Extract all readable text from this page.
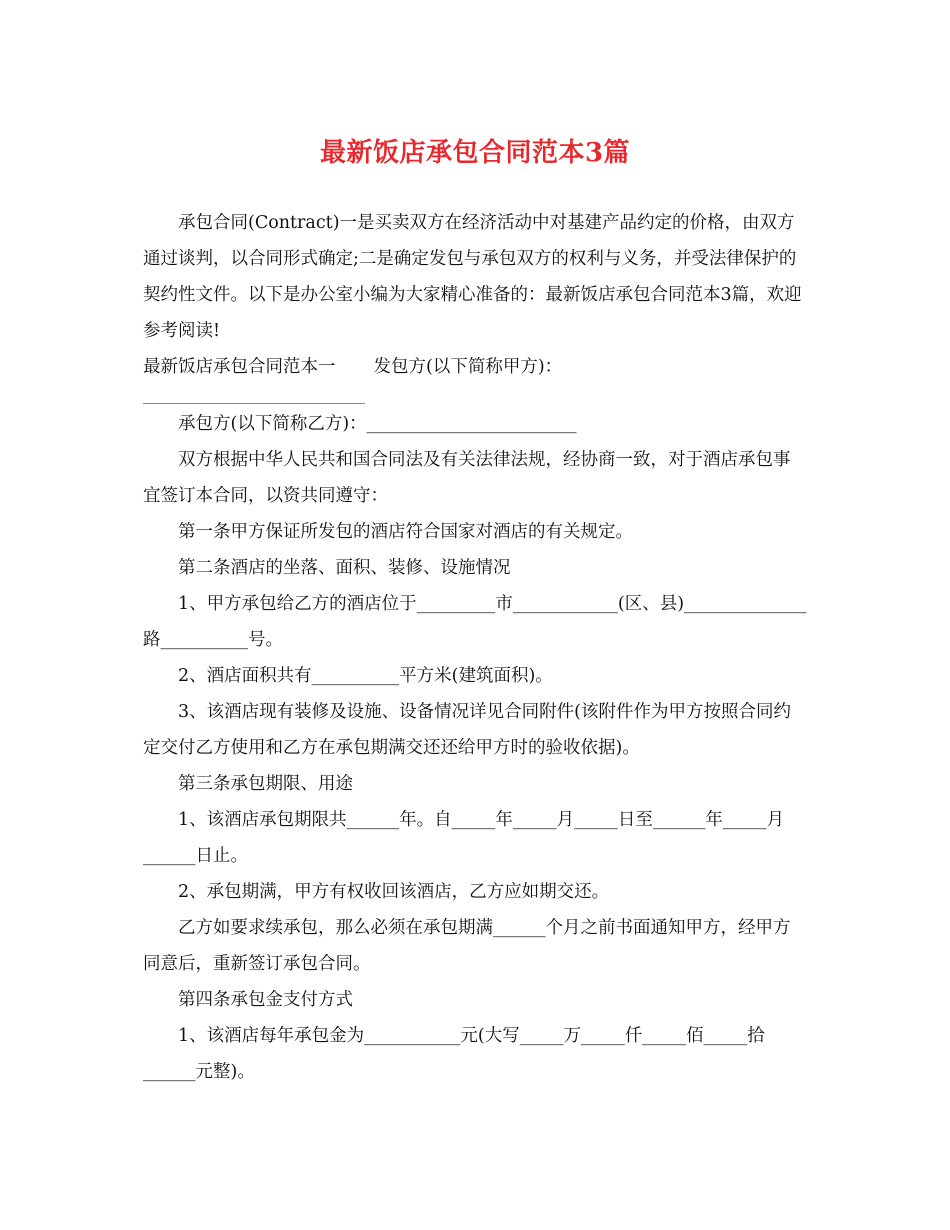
最新饭店承包合同范本3篇

承包合同(Contract)一是买卖双方在经济活动中对基建产品约定的价格，由双方通过谈判，以合同形式确定;二是确定发包与承包双方的权利与义务，并受法律保护的契约性文件。以下是办公室小编为大家精心准备的：最新饭店承包合同范本3篇，欢迎参考阅读!

最新饭店承包合同范本一 发包方(以下简称甲方)：

承包方(以下简称乙方)：________________________

双方根据中华人民共和国合同法及有关法律法规，经协商一致，对于酒店承包事宜签订本合同，以资共同遵守：

第一条甲方保证所发包的酒店符合国家对酒店的有关规定。

第二条酒店的坐落、面积、装修、设施情况

1、甲方承包给乙方的酒店位于_________市____________(区、县)______________路__________号。

2、酒店面积共有__________平方米(建筑面积)。

3、该酒店现有装修及设施、设备情况详见合同附件(该附件作为甲方按照合同约定交付乙方使用和乙方在承包期满交还还给甲方时的验收依据)。

第三条承包期限、用途

1、该酒店承包期限共______年。自_____年_____月_____日至______年_____月______日止。

2、承包期满，甲方有权收回该酒店，乙方应如期交还。

乙方如要求续承包，那么必须在承包期满______个月之前书面通知甲方，经甲方同意后，重新签订承包合同。

第四条承包金支付方式

1、该酒店每年承包金为___________元(大写_____万_____仟_____佰_____拾______元整)。
